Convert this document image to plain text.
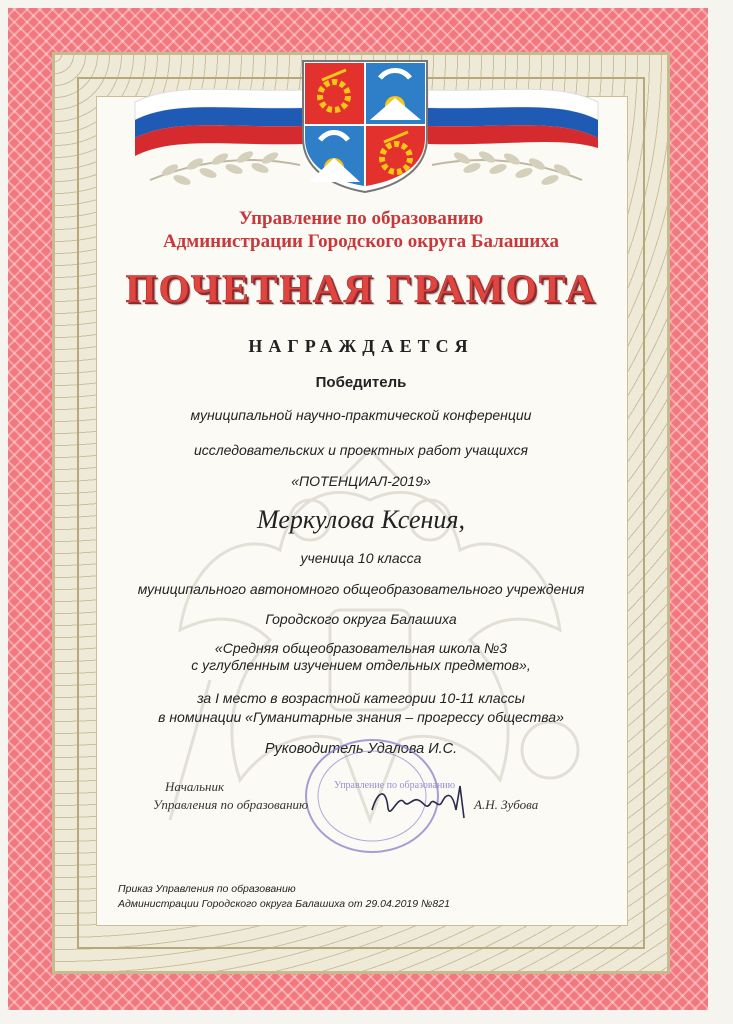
Управление по образованию
Администрации Городского округа Балашиха
ПОЧЕТНАЯ ГРАМОТА
НАГРАЖДАЕТСЯ
Победитель
муниципальной научно-практической конференции
исследовательских и проектных работ учащихся
«ПОТЕНЦИАЛ-2019»
Меркулова Ксения,
ученица 10 класса
муниципального автономного общеобразовательного учреждения
Городского округа Балашиха
«Средняя общеобразовательная школа №3
с углубленным изучением отдельных предметов»,
за I место в возрастной категории 10-11 классы
в номинации «Гуманитарные знания – прогрессу общества»
Руководитель Удалова И.С.
Управление по образованию
Начальник
Управления по образованию	А.Н. Зубова
Приказ Управления по образованию
Администрации Городского округа Балашиха от 29.04.2019 №821
